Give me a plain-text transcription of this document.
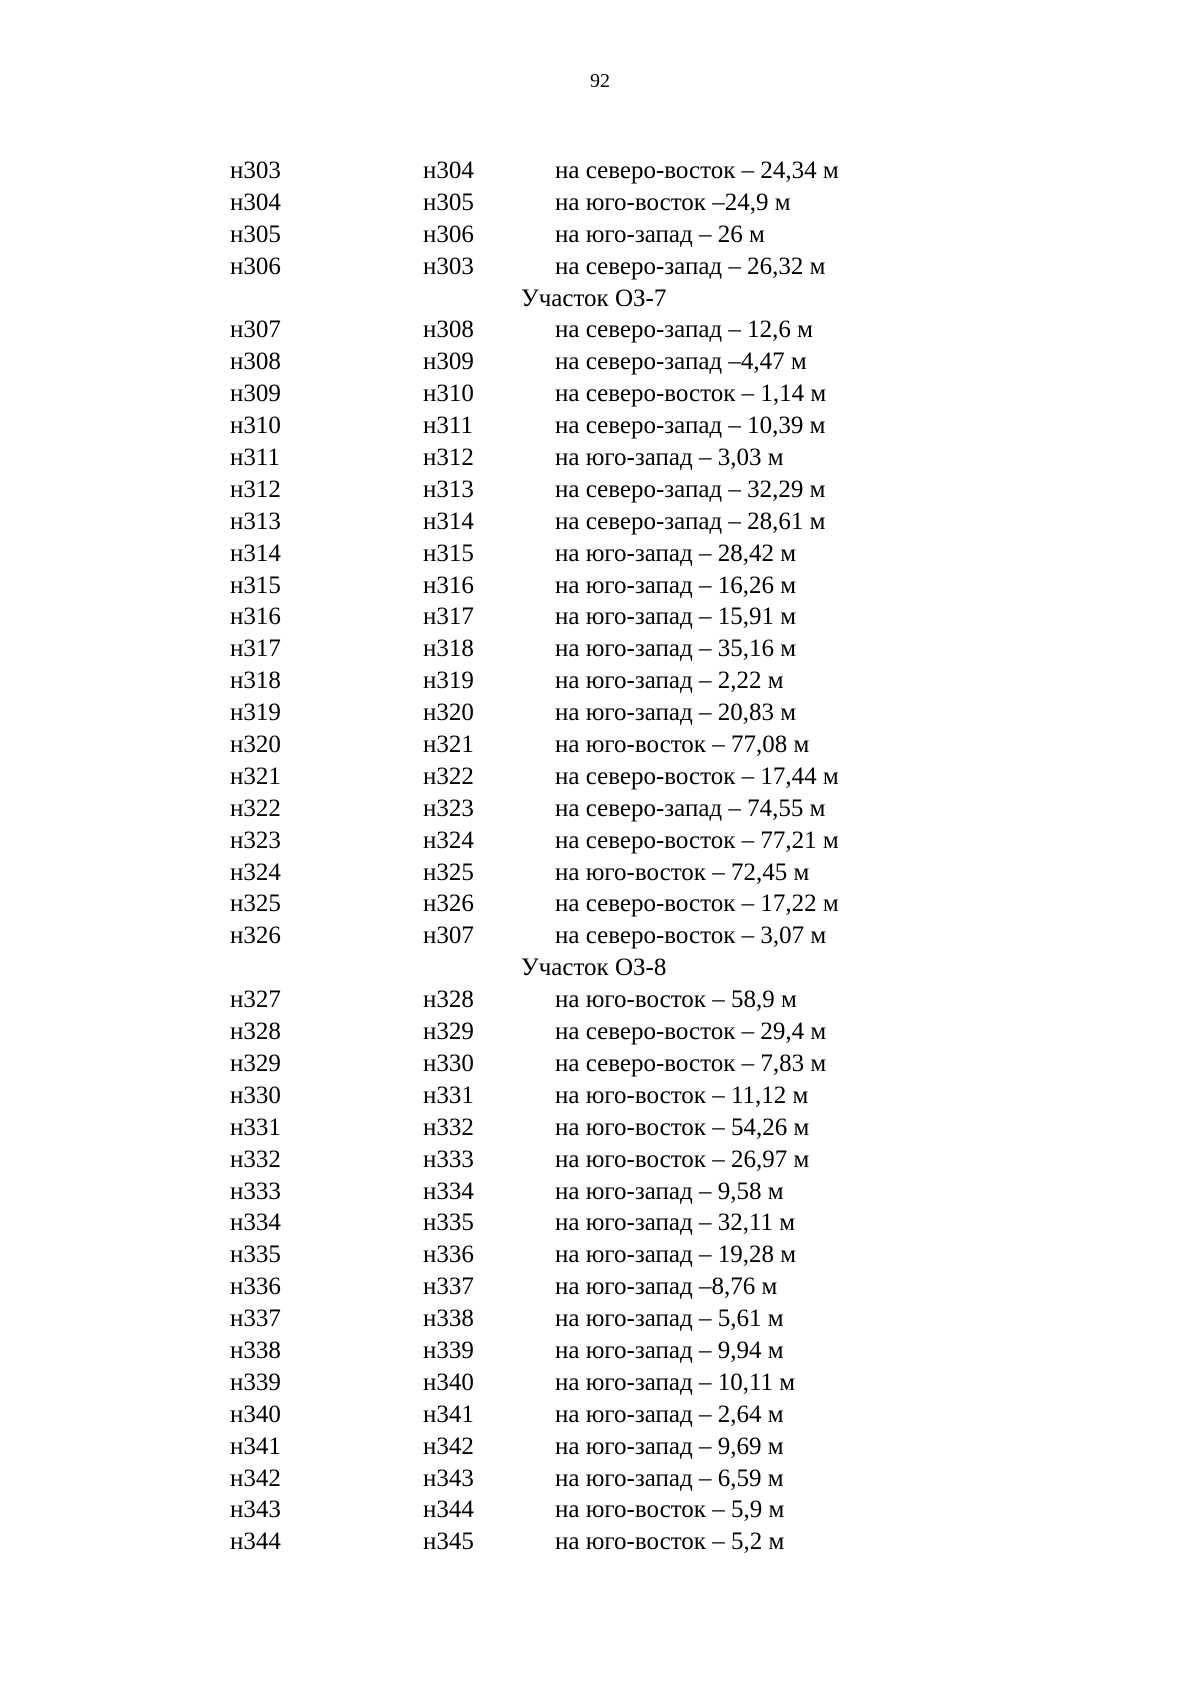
92
н303	н304	на северо-восток – 24,34 м
н304	н305	на юго-восток –24,9 м
н305	н306	на юго-запад – 26 м
н306	н303	на северо-запад – 26,32 м
Участок ОЗ-7
н307	н308	на северо-запад – 12,6 м
н308	н309	на северо-запад –4,47 м
н309	н310	на северо-восток – 1,14 м
н310	н311	на северо-запад – 10,39 м
н311	н312	на юго-запад – 3,03 м
н312	н313	на северо-запад – 32,29 м
н313	н314	на северо-запад – 28,61 м
н314	н315	на юго-запад – 28,42 м
н315	н316	на юго-запад – 16,26 м
н316	н317	на юго-запад – 15,91 м
н317	н318	на юго-запад – 35,16 м
н318	н319	на юго-запад – 2,22 м
н319	н320	на юго-запад – 20,83 м
н320	н321	на юго-восток – 77,08 м
н321	н322	на северо-восток – 17,44 м
н322	н323	на северо-запад – 74,55 м
н323	н324	на северо-восток – 77,21 м
н324	н325	на юго-восток – 72,45 м
н325	н326	на северо-восток – 17,22 м
н326	н307	на северо-восток – 3,07 м
Участок ОЗ-8
н327	н328	на юго-восток – 58,9 м
н328	н329	на северо-восток – 29,4 м
н329	н330	на северо-восток – 7,83 м
н330	н331	на юго-восток – 11,12 м
н331	н332	на юго-восток – 54,26 м
н332	н333	на юго-восток – 26,97 м
н333	н334	на юго-запад – 9,58 м
н334	н335	на юго-запад – 32,11 м
н335	н336	на юго-запад – 19,28 м
н336	н337	на юго-запад –8,76 м
н337	н338	на юго-запад – 5,61 м
н338	н339	на юго-запад – 9,94 м
н339	н340	на юго-запад – 10,11 м
н340	н341	на юго-запад – 2,64 м
н341	н342	на юго-запад – 9,69 м
н342	н343	на юго-запад – 6,59 м
н343	н344	на юго-восток – 5,9 м
н344	н345	на юго-восток – 5,2 м
